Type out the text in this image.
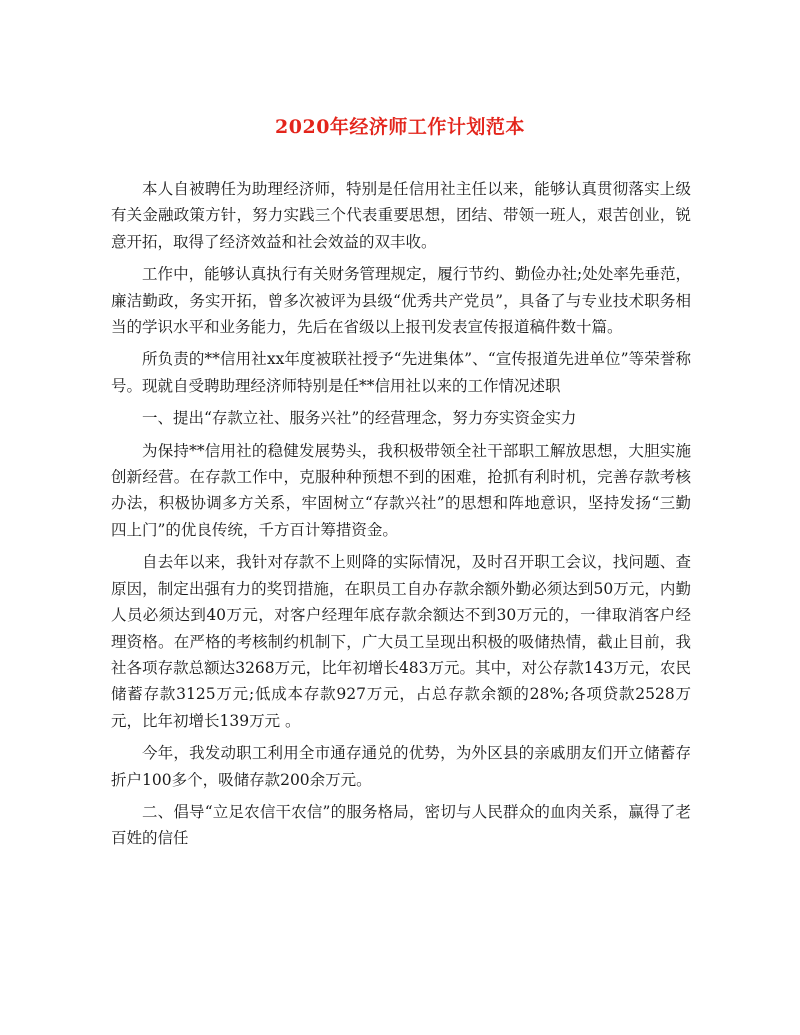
2020年经济师工作计划范本

本人自被聘任为助理经济师，特别是任信用社主任以来，能够认真贯彻落实上级有关金融政策方针，努力实践三个代表重要思想，团结、带领一班人，艰苦创业，锐意开拓，取得了经济效益和社会效益的双丰收。

工作中，能够认真执行有关财务管理规定，履行节约、勤俭办社;处处率先垂范，廉洁勤政，务实开拓，曾多次被评为县级“优秀共产党员”，具备了与专业技术职务相当的学识水平和业务能力，先后在省级以上报刊发表宣传报道稿件数十篇。

所负责的**信用社xx年度被联社授予“先进集体”、“宣传报道先进单位”等荣誉称号。现就自受聘助理经济师特别是任**信用社以来的工作情况述职

一、提出“存款立社、服务兴社”的经营理念，努力夯实资金实力

为保持**信用社的稳健发展势头，我积极带领全社干部职工解放思想，大胆实施创新经营。在存款工作中，克服种种预想不到的困难，抢抓有利时机，完善存款考核办法，积极协调多方关系，牢固树立“存款兴社”的思想和阵地意识，坚持发扬“三勤四上门”的优良传统，千方百计筹措资金。

自去年以来，我针对存款不上则降的实际情况，及时召开职工会议，找问题、查原因，制定出强有力的奖罚措施，在职员工自办存款余额外勤必须达到50万元，内勤人员必须达到40万元，对客户经理年底存款余额达不到30万元的，一律取消客户经理资格。在严格的考核制约机制下，广大员工呈现出积极的吸储热情，截止目前，我社各项存款总额达3268万元，比年初增长483万元。其中，对公存款143万元，农民储蓄存款3125万元;低成本存款927万元，占总存款余额的28%;各项贷款2528万元，比年初增长139万元 。

今年，我发动职工利用全市通存通兑的优势，为外区县的亲戚朋友们开立储蓄存折户100多个，吸储存款200余万元。

二、倡导“立足农信干农信”的服务格局，密切与人民群众的血肉关系，赢得了老百姓的信任
